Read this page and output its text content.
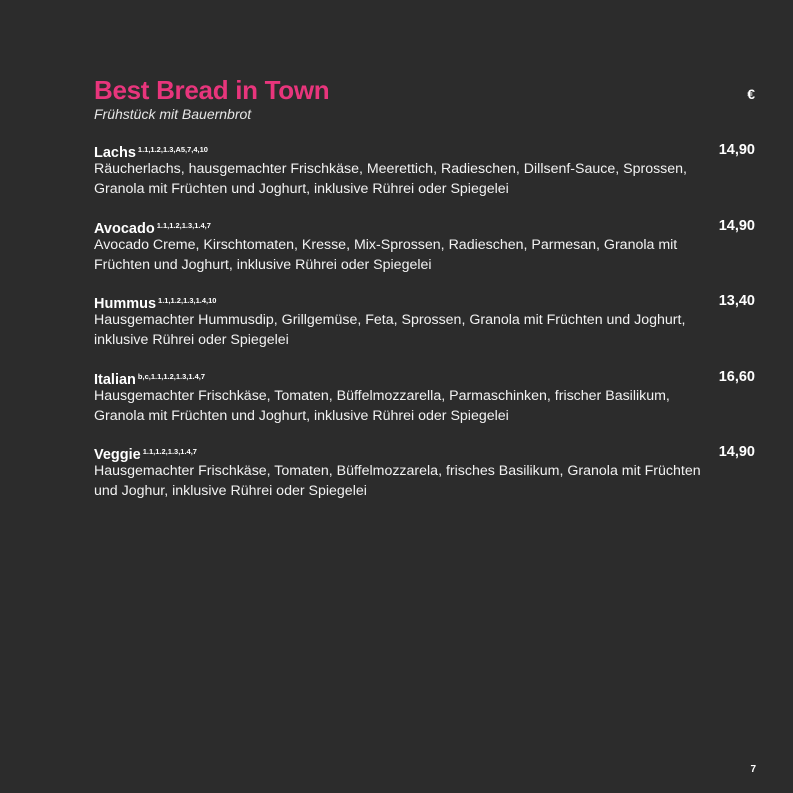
Best Bread in Town
Frühstück mit Bauernbrot
€
Lachs $^{1.1,1.2,1.3,A5,7,4,10}$	14,90

Räucherlachs, hausgemachter Frischkäse, Meerettich, Radieschen, Dillsenf-Sauce, Sprossen, Granola mit Früchten und Joghurt, inklusive Rührei oder Spiegelei

Avocado $^{1.1,1.2,1.3,1.4,7}$	14,90

Avocado Creme, Kirschtomaten, Kresse, Mix-Sprossen, Radieschen, Parmesan, Granola mit Früchten und Joghurt, inklusive Rührei oder Spiegelei

Hummus $^{1.1,1.2,1.3,1.4,10}$	13,40

Hausgemachter Hummusdip, Grillgemüse, Feta, Sprossen, Granola mit Früchten und Joghurt, inklusive Rührei oder Spiegelei

Italian $^{b,c,1.1,1.2,1.3,1.4,7}$	16,60

Hausgemachter Frischkäse, Tomaten, Büffelmozzarella, Parmaschinken, frischer Basilikum, Granola mit Früchten und Joghurt, inklusive Rührei oder Spiegelei

Veggie $^{1.1,1.2,1.3,1.4,7}$	14,90

Hausgemachter Frischkäse, Tomaten, Büffelmozzarela, frisches Basilikum, Granola mit Früchten und Joghur, inklusive Rührei oder Spiegelei

7
